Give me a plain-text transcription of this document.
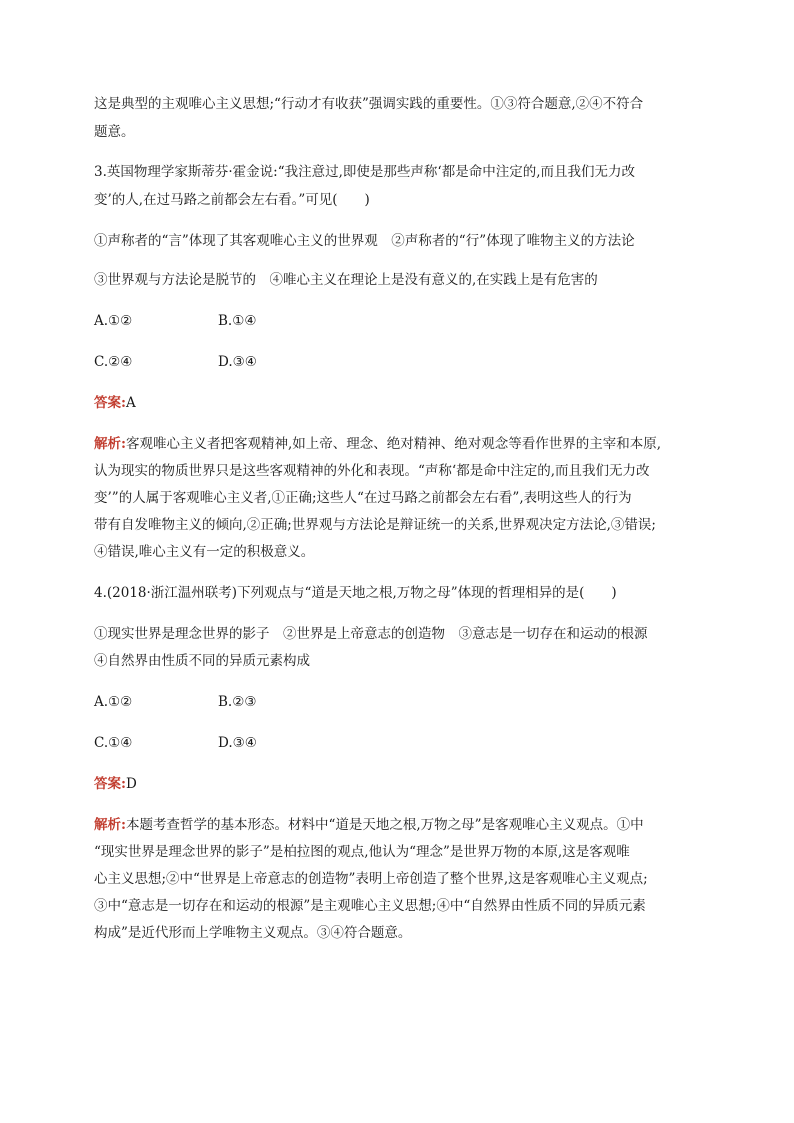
这是典型的主观唯心主义思想;“行动才有收获”强调实践的重要性。①③符合题意,②④不符合
题意。
3.英国物理学家斯蒂芬·霍金说:“我注意过,即使是那些声称‘都是命中注定的,而且我们无力改
变’的人,在过马路之前都会左右看。”可见(　　)
①声称者的“言”体现了其客观唯心主义的世界观　②声称者的“行”体现了唯物主义的方法论
③世界观与方法论是脱节的　④唯心主义在理论上是没有意义的,在实践上是有危害的
A.①②	B.①④
C.②④	D.③④
答案:A
解析:客观唯心主义者把客观精神,如上帝、理念、绝对精神、绝对观念等看作世界的主宰和本原,
认为现实的物质世界只是这些客观精神的外化和表现。“声称‘都是命中注定的,而且我们无力改
变’”的人属于客观唯心主义者,①正确;这些人“在过马路之前都会左右看”,表明这些人的行为
带有自发唯物主义的倾向,②正确;世界观与方法论是辩证统一的关系,世界观决定方法论,③错误;
④错误,唯心主义有一定的积极意义。
4.(2018·浙江温州联考)下列观点与“道是天地之根,万物之母”体现的哲理相异的是(　　)
①现实世界是理念世界的影子　②世界是上帝意志的创造物　③意志是一切存在和运动的根源
④自然界由性质不同的异质元素构成
A.①②	B.②③
C.①④	D.③④
答案:D
解析:本题考查哲学的基本形态。材料中“道是天地之根,万物之母”是客观唯心主义观点。①中
“现实世界是理念世界的影子”是柏拉图的观点,他认为“理念”是世界万物的本原,这是客观唯
心主义思想;②中“世界是上帝意志的创造物”表明上帝创造了整个世界,这是客观唯心主义观点;
③中“意志是一切存在和运动的根源”是主观唯心主义思想;④中“自然界由性质不同的异质元素
构成”是近代形而上学唯物主义观点。③④符合题意。
